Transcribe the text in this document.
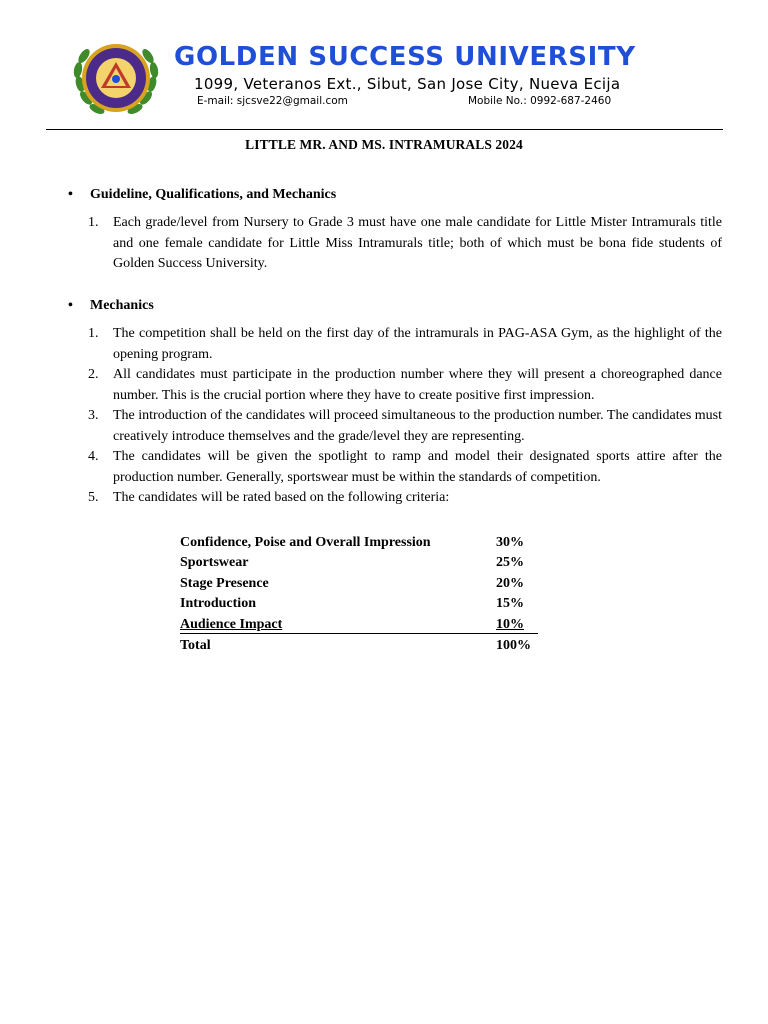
GOLDEN SUCCESS UNIVERSITY
1099, Veteranos Ext., Sibut, San Jose City, Nueva Ecija
E-mail: sjcsve22@gmail.com	Mobile No.: 0992-687-2460
LITTLE MR. AND MS. INTRAMURALS 2024
• Guideline, Qualifications, and Mechanics
1. Each grade/level from Nursery to Grade 3 must have one male candidate for Little Mister Intramurals title and one female candidate for Little Miss Intramurals title; both of which must be bona fide students of Golden Success University.
• Mechanics
1. The competition shall be held on the first day of the intramurals in PAG-ASA Gym, as the highlight of the opening program.
2. All candidates must participate in the production number where they will present a choreographed dance number. This is the crucial portion where they have to create positive first impression.
3. The introduction of the candidates will proceed simultaneous to the production number. The candidates must creatively introduce themselves and the grade/level they are representing.
4. The candidates will be given the spotlight to ramp and model their designated sports attire after the production number. Generally, sportswear must be within the standards of competition.
5. The candidates will be rated based on the following criteria:
Confidence, Poise and Overall Impression	30%
Sportswear	25%
Stage Presence	20%
Introduction	15%
Audience Impact	10%
Total	100%
